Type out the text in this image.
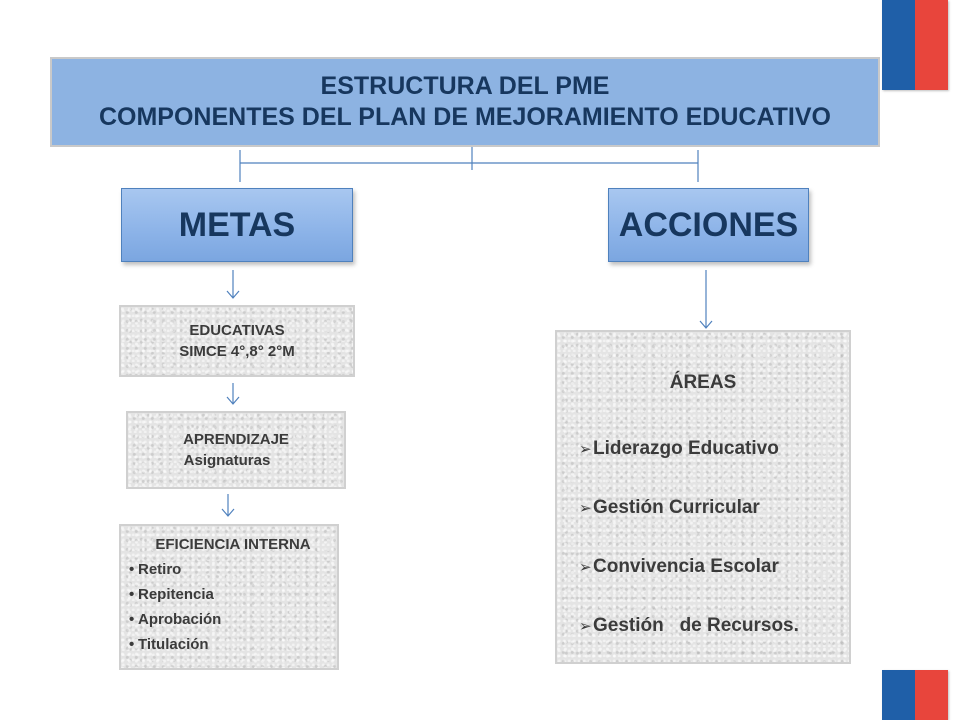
ESTRUCTURA DEL PME
COMPONENTES DEL PLAN DE MEJORAMIENTO EDUCATIVO
METAS	ACCIONES
EDUCATIVAS
SIMCE 4°,8° 2°M
APRENDIZAJE
Asignaturas
EFICIENCIA INTERNA
• Retiro
• Repitencia
• Aprobación
• Titulación
ÁREAS
➢Liderazgo Educativo
➢Gestión Curricular
➢Convivencia Escolar
➢Gestión   de Recursos.
